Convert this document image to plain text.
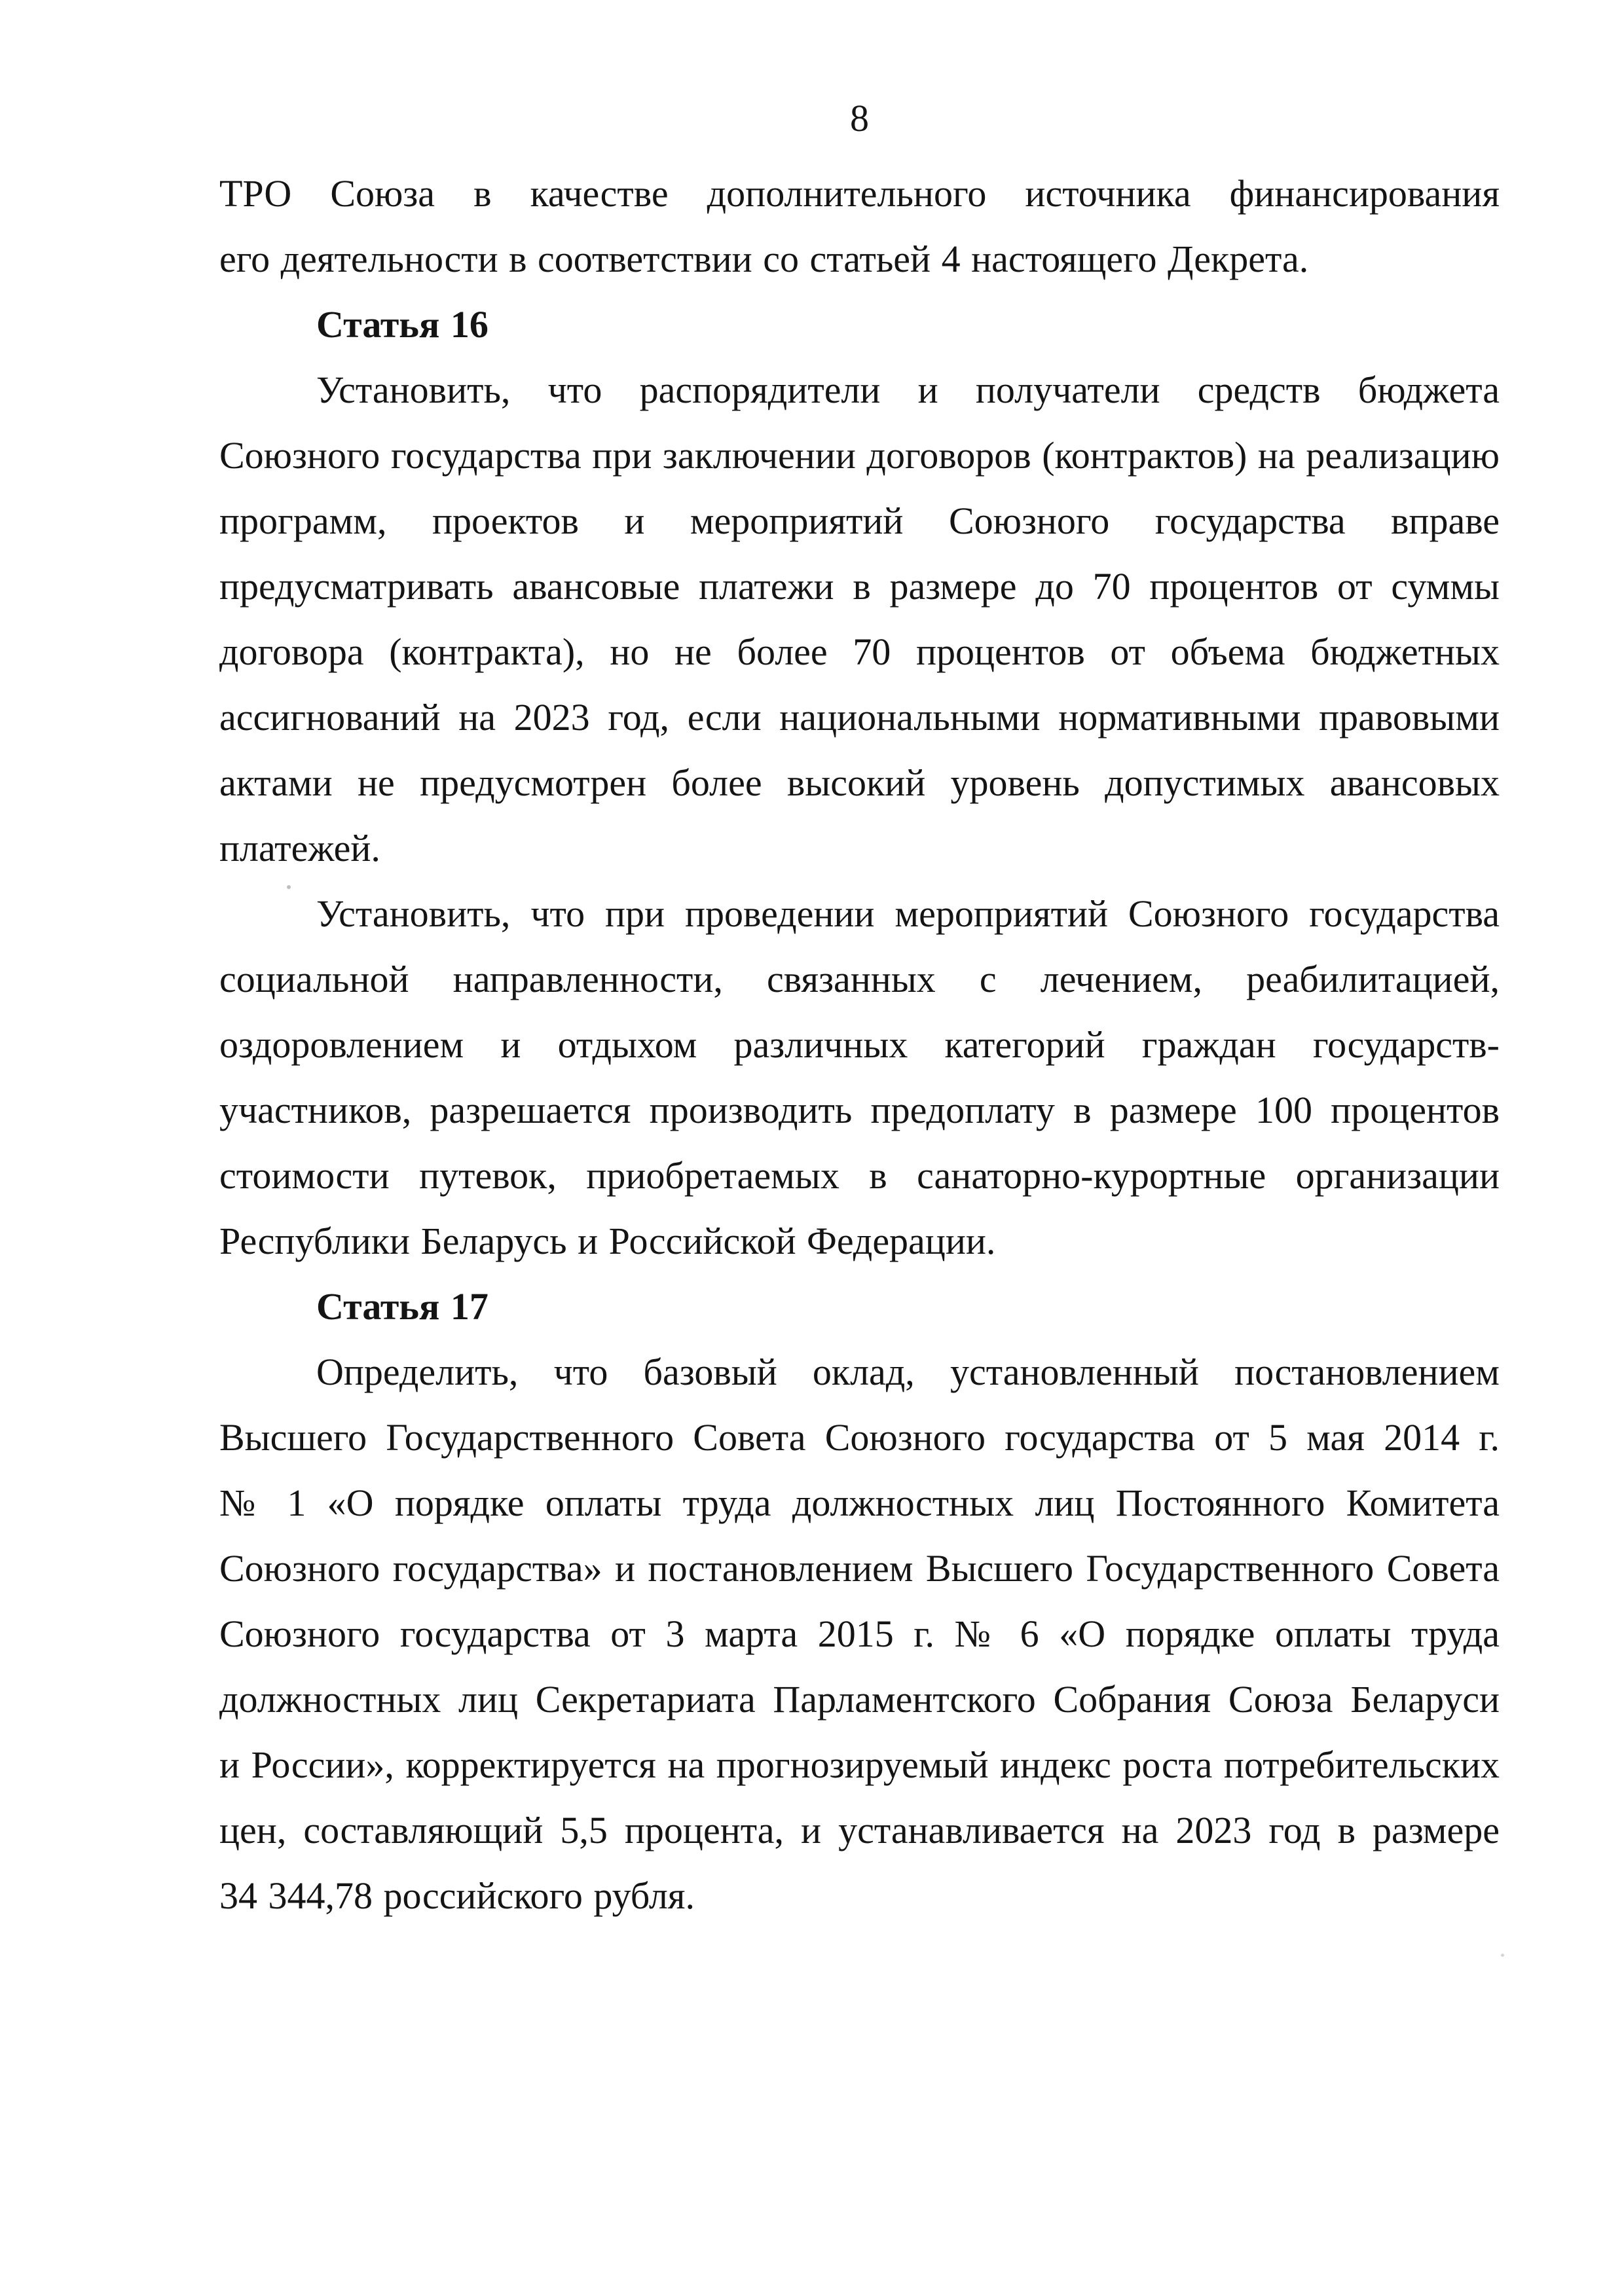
8
ТРО Союза в качестве дополнительного источника финансирования
его деятельности в соответствии со статьей 4 настоящего Декрета.
Статья 16
Установить, что распорядители и получатели средств бюджета
Союзного государства при заключении договоров (контрактов) на реализацию
программ, проектов и мероприятий Союзного государства вправе
предусматривать авансовые платежи в размере до 70 процентов от суммы
договора (контракта), но не более 70 процентов от объема бюджетных
ассигнований на 2023 год, если национальными нормативными правовыми
актами не предусмотрен более высокий уровень допустимых авансовых
платежей.
Установить, что при проведении мероприятий Союзного государства
социальной направленности, связанных с лечением, реабилитацией,
оздоровлением и отдыхом различных категорий граждан государств-
участников, разрешается производить предоплату в размере 100 процентов
стоимости путевок, приобретаемых в санаторно-курортные организации
Республики Беларусь и Российской Федерации.
Статья 17
Определить, что базовый оклад, установленный постановлением
Высшего Государственного Совета Союзного государства от 5 мая 2014 г.
№ 1 «О порядке оплаты труда должностных лиц Постоянного Комитета
Союзного государства» и постановлением Высшего Государственного Совета
Союзного государства от 3 марта 2015 г. № 6 «О порядке оплаты труда
должностных лиц Секретариата Парламентского Собрания Союза Беларуси
и России», корректируется на прогнозируемый индекс роста потребительских
цен, составляющий 5,5 процента, и устанавливается на 2023 год в размере
34 344,78 российского рубля.
